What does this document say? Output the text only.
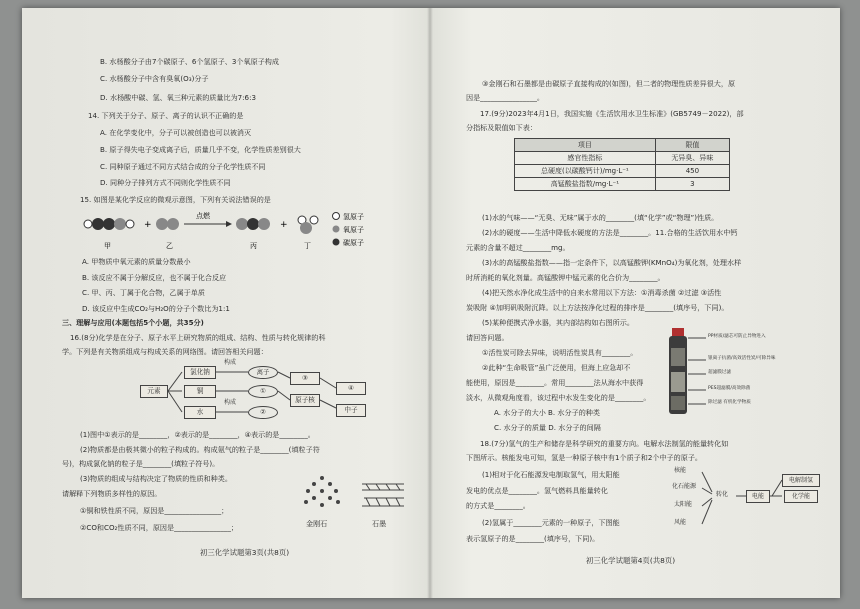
B. 水杨酸分子由7个碳原子、6个氢原子、3个氧原子构成
C. 水杨酸分子中含有臭氧(O₃)分子
D. 水杨酸中碳、氢、氧三种元素的质量比为7:6:3
14. 下列关于分子、原子、离子的认识不正确的是
A. 在化学变化中，分子可以被创造也可以被消灭
B. 原子得失电子变成离子后，质量几乎不变，化学性质差别很大
C. 同种原子通过不同方式结合成的分子化学性质不同
D. 同种分子排列方式不同则化学性质不同
15. 如图是某化学反应的微观示意图，下列有关说法错误的是
+
点燃
+
甲	乙	丙	丁
氢原子
氧原子
碳原子
A. 甲物质中氧元素的质量分数最小
B. 该反应不属于分解反应，也不属于化合反应
C. 甲、丙、丁属于化合物，乙属于单质
D. 该反应中生成CO₂与H₂O的分子个数比为1:1
三、理解与应用(本题包括5个小题，共35分)
16.(8分)化学是在分子、原子水平上研究物质的组成、结构、性质与转化规律的科
学。下列是有关物质组成与构成关系的网络图。请回答相关问题：
元素
氯化钠
铜
水
构成
构成
离子
①
②
③
原子核
④
中子
(1)图中①表示的是________，②表示的是________，④表示的是________。
(2)物质都是由极其微小的粒子构成的。构成氨气的粒子是________(填粒子符
号)，构成氯化钠的粒子是________(填粒子符号)。
(3)物质的组成与结构决定了物质的性质和种类。
请解释下列物质多样性的原因。
①铜和铁性质不同，原因是________________；
②CO和CO₂性质不同，原因是________________；	金刚石	石墨
初三化学试题第3页(共8页)
③金刚石和石墨都是由碳原子直接构成的(如图)，但二者的物理性质差异很大，原
因是________________。
17.(9分)2023年4月1日，我国实施《生活饮用水卫生标准》(GB5749－2022)，部
分指标及限值如下表：
项目	限值
感官性指标	无异臭、异味
总硬度(以碳酸钙计)/mg·L⁻¹	450
高锰酸盐指数/mg·L⁻¹	3
(1)水的气味——“无臭、无味”属于水的________(填“化学”或“物理”)性质。
(2)水的硬度——生活中降低水硬度的方法是________。11.合格的生活饮用水中钙
元素的含量不超过________mg。
(3)水的高锰酸盐指数——指一定条件下，以高锰酸钾(KMnO₄)为氧化剂，处理水样
时所消耗的氧化剂量。高锰酸钾中锰元素的化合价为________。
(4)把天然水净化成生活中的自来水常用以下方法：①消毒杀菌 ②过滤 ③活性
炭吸附 ④加明矾吸附沉降。以上方法按净化过程的排序是________(填序号，下同)。
(5)某种便携式净水器，其内部结构如右图所示。
请回答问题。
①活性炭可除去异味，说明活性炭具有________。
②此种“生命吸管”虽广泛使用，但海上应急却不
能使用，原因是________。常用________法从海水中获得
淡水，从微观角度看，该过程中水发生变化的是________。
A. 水分子的大小 B. 水分子的种类
C. 水分子的质量 D. 水分子的间隔
PP材质/滤芯可防止异物进入
银离子抗菌/高效活性炭/可除异味
超滤膜过滤
PES超滤膜/高效除菌
除过滤 有机化学物质
18.(7分)氢气的生产和储存是科学研究的重要方向。电解水法制氢的能量转化如
下图所示。核能发电可知，氢是一种原子核中有1个质子和2个中子的原子。
(1)相对于化石能源发电制取氢气，用太阳能
发电的优点是________。氢气燃料具能量转化
的方式是________。
(2)氢属于________元素的一种原子，下图能
表示氢原子的是________(填序号，下同)。
核能
化石能源
太阳能
风能
转化	电能
电解制氢
化学能
初三化学试题第4页(共8页)
